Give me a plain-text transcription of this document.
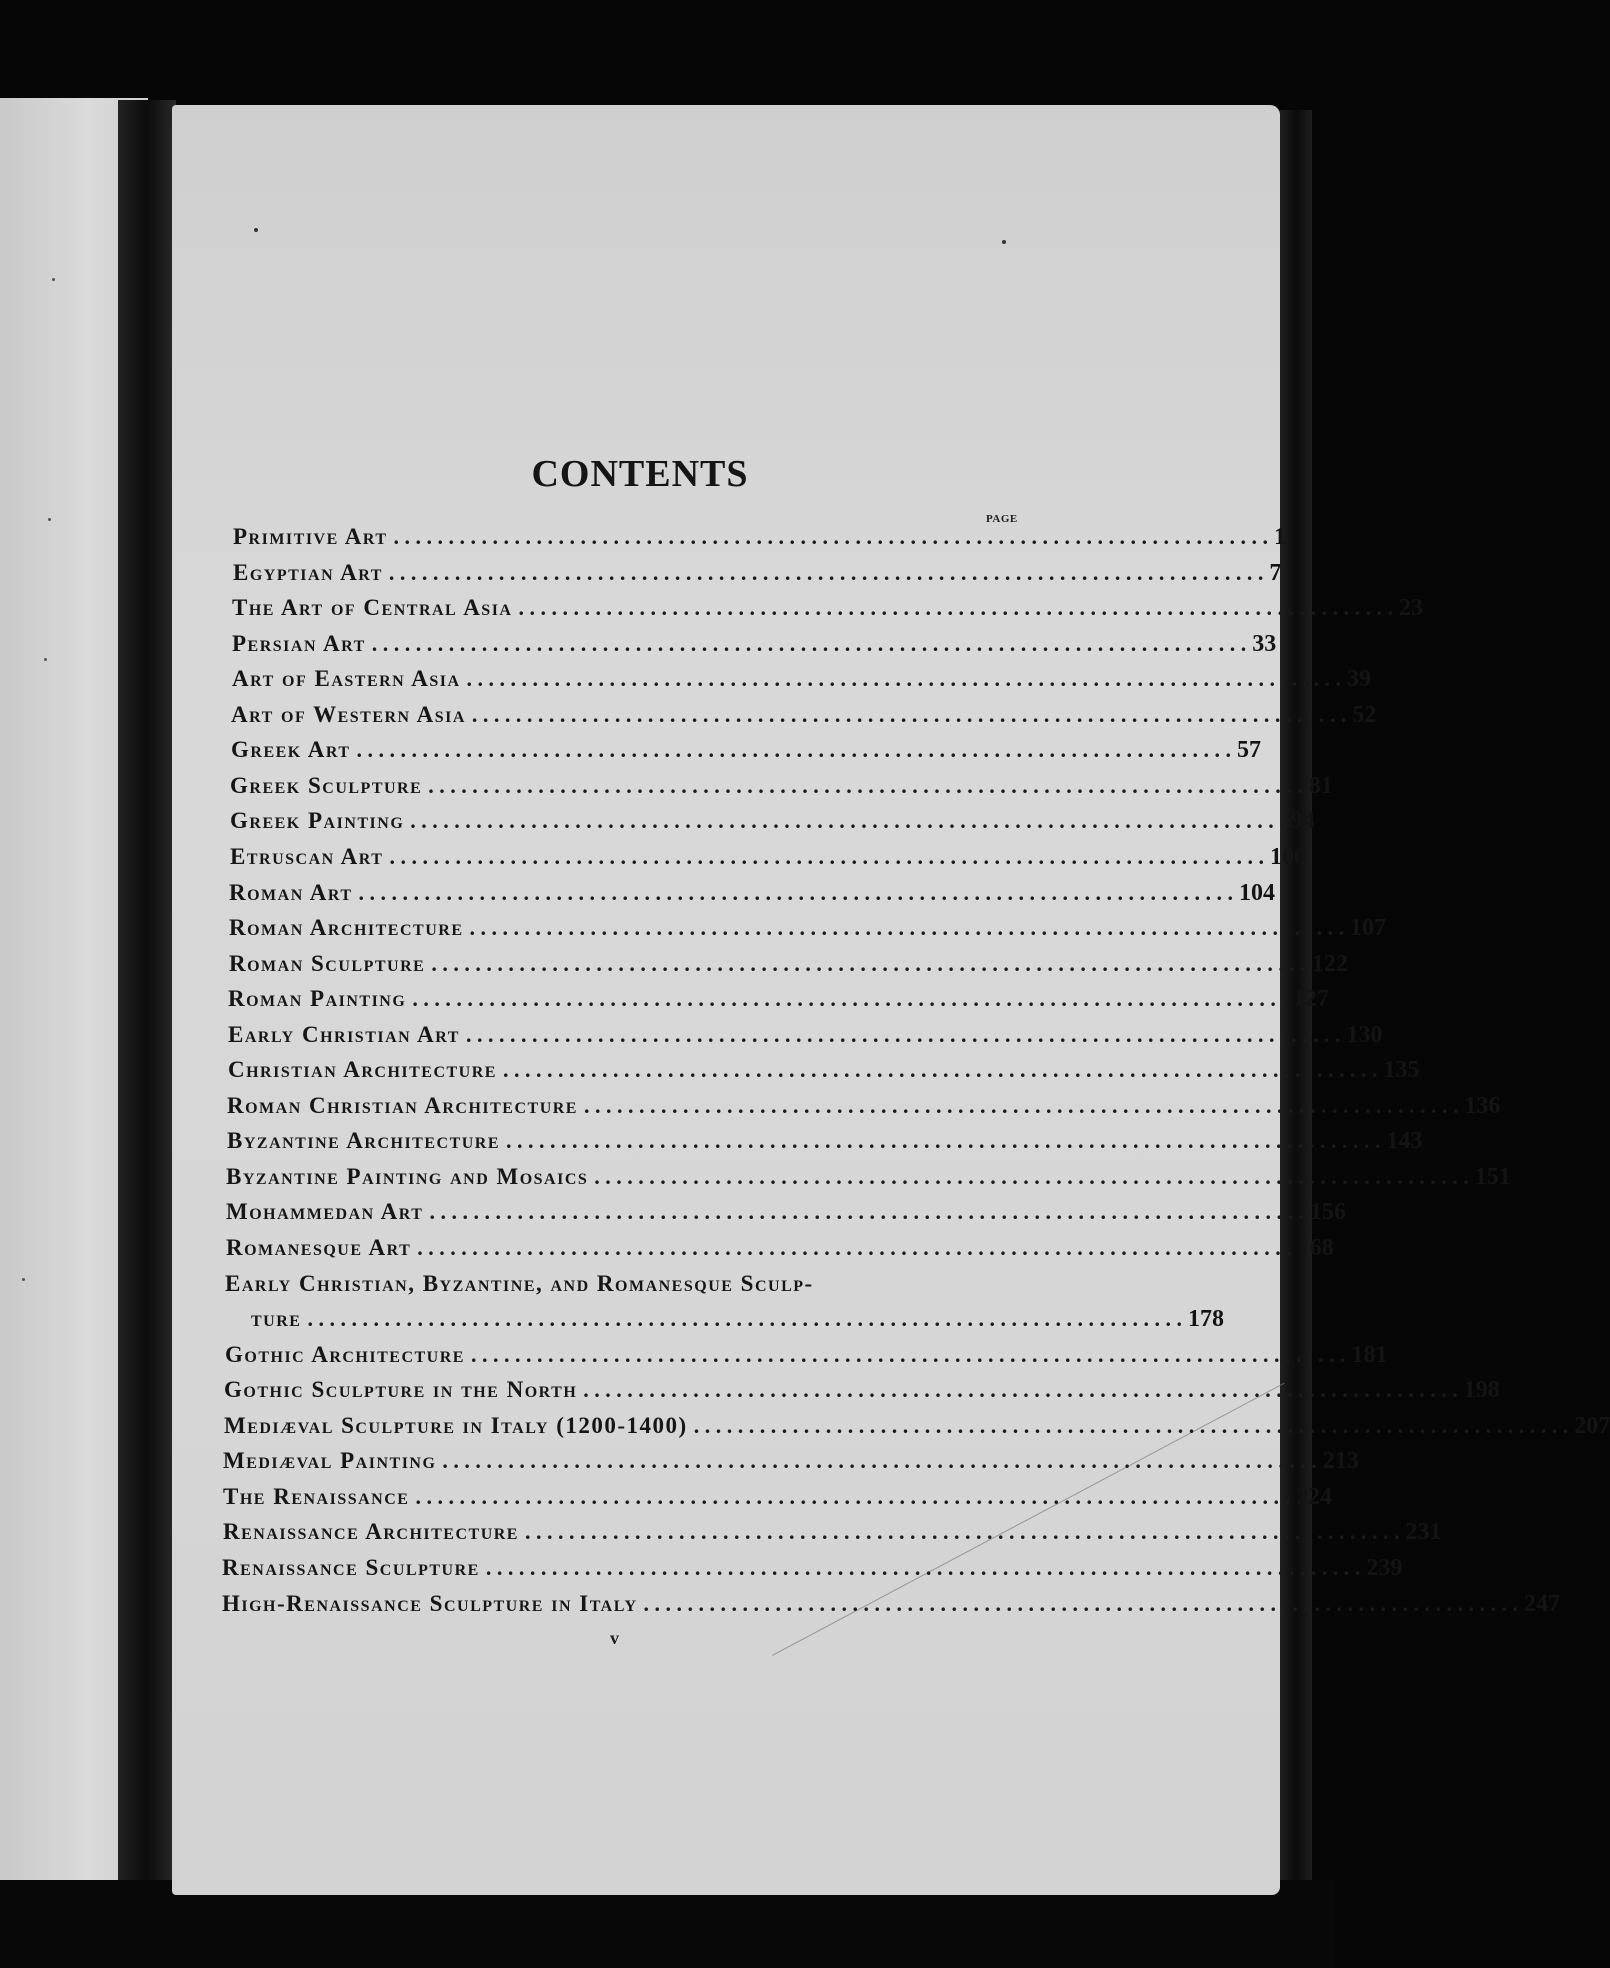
CONTENTS
PAGE
Primitive Art . . . . . . . . . . . . . . . . . . . . . . . . . . . . . . . . . . . . . . . . . . . . . . . . . . . . . . . . . . . . . . . . . . . . . . . . . . . . . . . . 1
Egyptian Art . . . . . . . . . . . . . . . . . . . . . . . . . . . . . . . . . . . . . . . . . . . . . . . . . . . . . . . . . . . . . . . . . . . . . . . . . . . . . . . . 7
The Art of Central Asia . . . . . . . . . . . . . . . . . . . . . . . . . . . . . . . . . . . . . . . . . . . . . . . . . . . . . . . . . . . . . . . . . . . . . . . . . . . . . . . . 23
Persian Art . . . . . . . . . . . . . . . . . . . . . . . . . . . . . . . . . . . . . . . . . . . . . . . . . . . . . . . . . . . . . . . . . . . . . . . . . . . . . . . . 33
Art of Eastern Asia . . . . . . . . . . . . . . . . . . . . . . . . . . . . . . . . . . . . . . . . . . . . . . . . . . . . . . . . . . . . . . . . . . . . . . . . . . . . . . . . 39
Art of Western Asia . . . . . . . . . . . . . . . . . . . . . . . . . . . . . . . . . . . . . . . . . . . . . . . . . . . . . . . . . . . . . . . . . . . . . . . . . . . . . . . . 52
Greek Art . . . . . . . . . . . . . . . . . . . . . . . . . . . . . . . . . . . . . . . . . . . . . . . . . . . . . . . . . . . . . . . . . . . . . . . . . . . . . . . . 57
Greek Sculpture . . . . . . . . . . . . . . . . . . . . . . . . . . . . . . . . . . . . . . . . . . . . . . . . . . . . . . . . . . . . . . . . . . . . . . . . . . . . . . . . 81
Greek Painting . . . . . . . . . . . . . . . . . . . . . . . . . . . . . . . . . . . . . . . . . . . . . . . . . . . . . . . . . . . . . . . . . . . . . . . . . . . . . . . . 94
Etruscan Art . . . . . . . . . . . . . . . . . . . . . . . . . . . . . . . . . . . . . . . . . . . . . . . . . . . . . . . . . . . . . . . . . . . . . . . . . . . . . . . . 100
Roman Art . . . . . . . . . . . . . . . . . . . . . . . . . . . . . . . . . . . . . . . . . . . . . . . . . . . . . . . . . . . . . . . . . . . . . . . . . . . . . . . . 104
Roman Architecture . . . . . . . . . . . . . . . . . . . . . . . . . . . . . . . . . . . . . . . . . . . . . . . . . . . . . . . . . . . . . . . . . . . . . . . . . . . . . . . . 107
Roman Sculpture . . . . . . . . . . . . . . . . . . . . . . . . . . . . . . . . . . . . . . . . . . . . . . . . . . . . . . . . . . . . . . . . . . . . . . . . . . . . . . . . 122
Roman Painting . . . . . . . . . . . . . . . . . . . . . . . . . . . . . . . . . . . . . . . . . . . . . . . . . . . . . . . . . . . . . . . . . . . . . . . . . . . . . . . . 127
Early Christian Art . . . . . . . . . . . . . . . . . . . . . . . . . . . . . . . . . . . . . . . . . . . . . . . . . . . . . . . . . . . . . . . . . . . . . . . . . . . . . . . . 130
Christian Architecture . . . . . . . . . . . . . . . . . . . . . . . . . . . . . . . . . . . . . . . . . . . . . . . . . . . . . . . . . . . . . . . . . . . . . . . . . . . . . . . . 135
Roman Christian Architecture . . . . . . . . . . . . . . . . . . . . . . . . . . . . . . . . . . . . . . . . . . . . . . . . . . . . . . . . . . . . . . . . . . . . . . . . . . . . . . . . 136
Byzantine Architecture . . . . . . . . . . . . . . . . . . . . . . . . . . . . . . . . . . . . . . . . . . . . . . . . . . . . . . . . . . . . . . . . . . . . . . . . . . . . . . . . 143
Byzantine Painting and Mosaics . . . . . . . . . . . . . . . . . . . . . . . . . . . . . . . . . . . . . . . . . . . . . . . . . . . . . . . . . . . . . . . . . . . . . . . . . . . . . . . . 151
Mohammedan Art . . . . . . . . . . . . . . . . . . . . . . . . . . . . . . . . . . . . . . . . . . . . . . . . . . . . . . . . . . . . . . . . . . . . . . . . . . . . . . . . 156
Romanesque Art . . . . . . . . . . . . . . . . . . . . . . . . . . . . . . . . . . . . . . . . . . . . . . . . . . . . . . . . . . . . . . . . . . . . . . . . . . . . . . . . 168
Early Christian, Byzantine, and Romanesque Sculp-
ture . . . . . . . . . . . . . . . . . . . . . . . . . . . . . . . . . . . . . . . . . . . . . . . . . . . . . . . . . . . . . . . . . . . . . . . . . . . . . . . . 178
Gothic Architecture . . . . . . . . . . . . . . . . . . . . . . . . . . . . . . . . . . . . . . . . . . . . . . . . . . . . . . . . . . . . . . . . . . . . . . . . . . . . . . . . 181
Gothic Sculpture in the North . . . . . . . . . . . . . . . . . . . . . . . . . . . . . . . . . . . . . . . . . . . . . . . . . . . . . . . . . . . . . . . . . . . . . . . . . . . . . . . . 198
Mediæval Sculpture in Italy (1200-1400) . . . . . . . . . . . . . . . . . . . . . . . . . . . . . . . . . . . . . . . . . . . . . . . . . . . . . . . . . . . . . . . . . . . . . . . . . . . . . . . . 207
Mediæval Painting . . . . . . . . . . . . . . . . . . . . . . . . . . . . . . . . . . . . . . . . . . . . . . . . . . . . . . . . . . . . . . . . . . . . . . . . . . . . . . . . 213
The Renaissance . . . . . . . . . . . . . . . . . . . . . . . . . . . . . . . . . . . . . . . . . . . . . . . . . . . . . . . . . . . . . . . . . . . . . . . . . . . . . . . . 224
Renaissance Architecture . . . . . . . . . . . . . . . . . . . . . . . . . . . . . . . . . . . . . . . . . . . . . . . . . . . . . . . . . . . . . . . . . . . . . . . . . . . . . . . . 231
Renaissance Sculpture . . . . . . . . . . . . . . . . . . . . . . . . . . . . . . . . . . . . . . . . . . . . . . . . . . . . . . . . . . . . . . . . . . . . . . . . . . . . . . . . 239
High-Renaissance Sculpture in Italy . . . . . . . . . . . . . . . . . . . . . . . . . . . . . . . . . . . . . . . . . . . . . . . . . . . . . . . . . . . . . . . . . . . . . . . . . . . . . . . . 247
v
